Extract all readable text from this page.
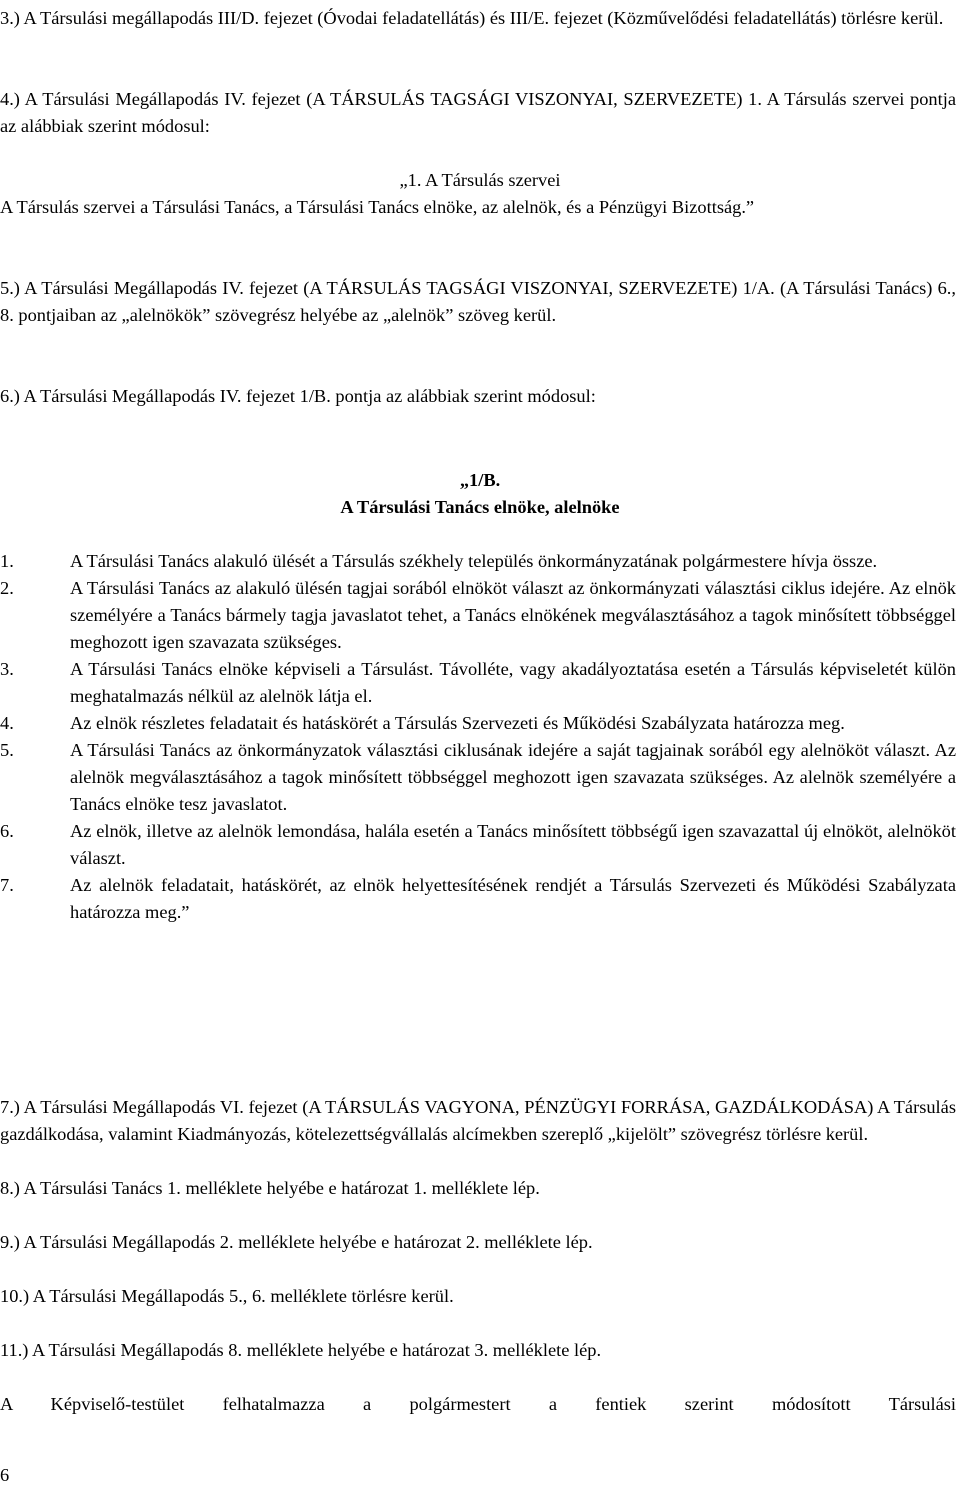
3.) A Társulási megállapodás III/D. fejezet (Óvodai feladatellátás) és III/E. fejezet (Közművelődési feladatellátás) törlésre kerül.

4.) A Társulási Megállapodás IV. fejezet (A TÁRSULÁS TAGSÁGI VISZONYAI, SZERVEZETE) 1. A Társulás szervei pontja az alábbiak szerint módosul:

„1. A Társulás szervei

A Társulás szervei a Társulási Tanács, a Társulási Tanács elnöke, az alelnök, és a Pénzügyi Bizottság.”

5.) A Társulási Megállapodás IV. fejezet (A TÁRSULÁS TAGSÁGI VISZONYAI, SZERVEZETE) 1/A. (A Társulási Tanács) 6., 8. pontjaiban az „alelnökök” szövegrész helyébe az „alelnök” szöveg kerül.

6.) A Társulási Megállapodás IV. fejezet 1/B. pontja az alábbiak szerint módosul:

„1/B.

A Társulási Tanács elnöke, alelnöke

1.	A Társulási Tanács alakuló ülését a Társulás székhely település önkormányzatának polgármestere hívja össze.
2.	A Társulási Tanács az alakuló ülésén tagjai sorából elnököt választ az önkormányzati választási ciklus idejére. Az elnök személyére a Tanács bármely tagja javaslatot tehet, a Tanács elnökének megválasztásához a tagok minősített többséggel meghozott igen szavazata szükséges.
3.	A Társulási Tanács elnöke képviseli a Társulást. Távolléte, vagy akadályoztatása esetén a Társulás képviseletét külön meghatalmazás nélkül az alelnök látja el.
4.	Az elnök részletes feladatait és hatáskörét a Társulás Szervezeti és Működési Szabályzata határozza meg.
5.	A Társulási Tanács az önkormányzatok választási ciklusának idejére a saját tagjainak sorából egy alelnököt választ. Az alelnök megválasztásához a tagok minősített többséggel meghozott igen szavazata szükséges. Az alelnök személyére a Tanács elnöke tesz javaslatot.
6.	Az elnök, illetve az alelnök lemondása, halála esetén a Tanács minősített többségű igen szavazattal új elnököt, alelnököt választ.
7.	Az alelnök feladatait, hatáskörét, az elnök helyettesítésének rendjét a Társulás Szervezeti és Működési Szabályzata határozza meg.”

7.) A Társulási Megállapodás VI. fejezet (A TÁRSULÁS VAGYONA, PÉNZÜGYI FORRÁSA, GAZDÁLKODÁSA) A Társulás gazdálkodása, valamint Kiadmányozás, kötelezettségvállalás alcímekben szereplő „kijelölt” szövegrész törlésre kerül.

8.) A Társulási Tanács 1. melléklete helyébe e határozat 1. melléklete lép.

9.) A Társulási Megállapodás 2. melléklete helyébe e határozat 2. melléklete lép.

10.) A Társulási Megállapodás 5., 6. melléklete törlésre kerül.

11.) A Társulási Megállapodás 8. melléklete helyébe e határozat 3. melléklete lép.

A Képviselő-testület felhatalmazza a polgármestert a fentiek szerint módosított Társulási

6
